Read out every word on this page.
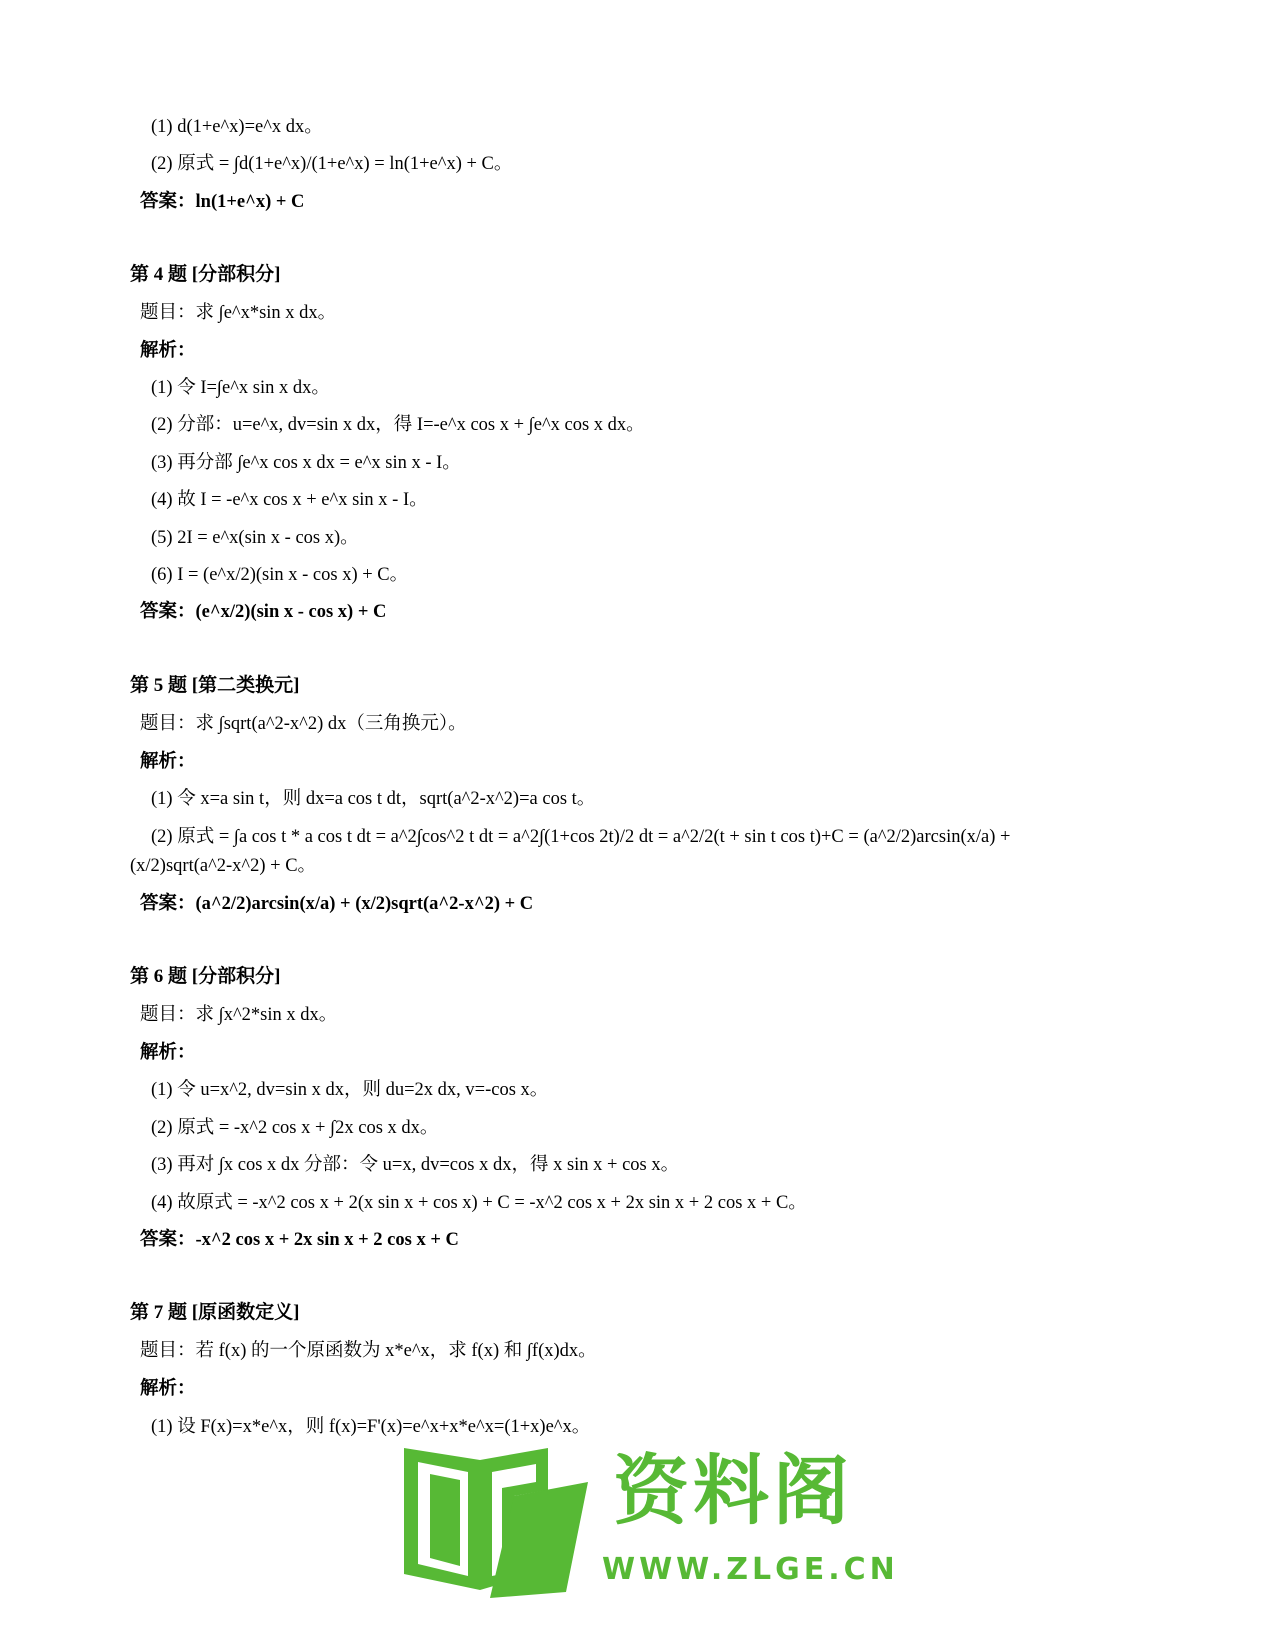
(1) d(1+e^x)=e^x dx。
(2) 原式 = ∫d(1+e^x)/(1+e^x) = ln(1+e^x) + C。
答案：ln(1+e^x) + C
第 4 题 [分部积分]
题目：求 ∫e^x*sin x dx。
解析：
(1) 令 I=∫e^x sin x dx。
(2) 分部：u=e^x, dv=sin x dx，得 I=-e^x cos x + ∫e^x cos x dx。
(3) 再分部 ∫e^x cos x dx = e^x sin x - I。
(4) 故 I = -e^x cos x + e^x sin x - I。
(5) 2I = e^x(sin x - cos x)。
(6) I = (e^x/2)(sin x - cos x) + C。
答案：(e^x/2)(sin x - cos x) + C
第 5 题 [第二类换元]
题目：求 ∫sqrt(a^2-x^2) dx（三角换元）。
解析：
(1) 令 x=a sin t，则 dx=a cos t dt，sqrt(a^2-x^2)=a cos t。
(2) 原式 = ∫a cos t * a cos t dt = a^2∫cos^2 t dt = a^2∫(1+cos 2t)/2 dt = a^2/2(t + sin t cos t)+C = (a^2/2)arcsin(x/a) +
(x/2)sqrt(a^2-x^2) + C。
答案：(a^2/2)arcsin(x/a) + (x/2)sqrt(a^2-x^2) + C
第 6 题 [分部积分]
题目：求 ∫x^2*sin x dx。
解析：
(1) 令 u=x^2, dv=sin x dx，则 du=2x dx, v=-cos x。
(2) 原式 = -x^2 cos x + ∫2x cos x dx。
(3) 再对 ∫x cos x dx 分部：令 u=x, dv=cos x dx，得 x sin x + cos x。
(4) 故原式 = -x^2 cos x + 2(x sin x + cos x) + C = -x^2 cos x + 2x sin x + 2 cos x + C。
答案：-x^2 cos x + 2x sin x + 2 cos x + C
第 7 题 [原函数定义]
题目：若 f(x) 的一个原函数为 x*e^x，求 f(x) 和 ∫f(x)dx。
解析：
(1) 设 F(x)=x*e^x，则 f(x)=F'(x)=e^x+x*e^x=(1+x)e^x。
资料阁
WWW.ZLGE.CN
